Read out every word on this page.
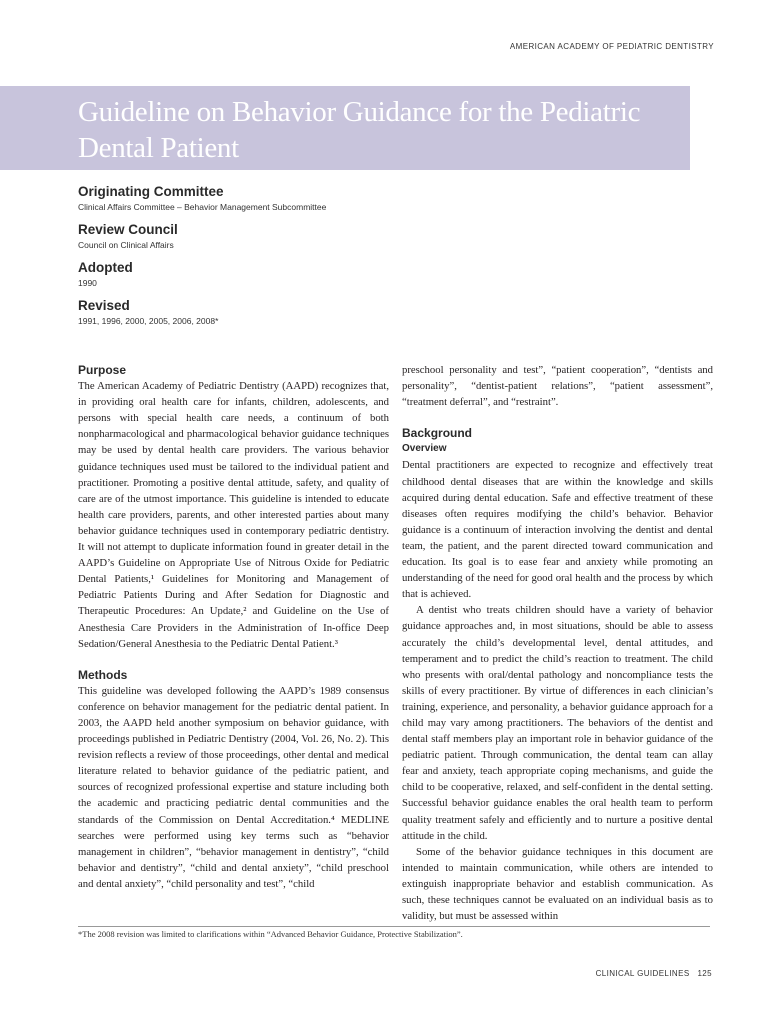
AMERICAN ACADEMY OF PEDIATRIC DENTISTRY
Guideline on Behavior Guidance for the Pediatric Dental Patient

Originating Committee

Clinical Affairs Committee – Behavior Management Subcommittee

Review Council

Council on Clinical Affairs

Adopted

1990

Revised

1991, 1996, 2000, 2005, 2006, 2008*

Purpose

The American Academy of Pediatric Dentistry (AAPD) recognizes that, in providing oral health care for infants, children, adolescents, and persons with special health care needs, a continuum of both nonpharmacological and pharmacological behavior guidance techniques may be used by dental health care providers. The various behavior guidance techniques used must be tailored to the individual patient and practitioner. Promoting a positive dental attitude, safety, and quality of care are of the utmost importance. This guideline is intended to educate health care providers, parents, and other interested parties about many behavior guidance techniques used in contemporary pediatric dentistry. It will not attempt to duplicate information found in greater detail in the AAPD’s Guideline on Appropriate Use of Nitrous Oxide for Pediatric Dental Patients,¹ Guidelines for Monitoring and Management of Pediatric Patients During and After Sedation for Diagnostic and Therapeutic Procedures: An Update,² and Guideline on the Use of Anesthesia Care Providers in the Administration of In-office Deep Sedation/General Anesthesia to the Pediatric Dental Patient.³

Methods

This guideline was developed following the AAPD’s 1989 consensus conference on behavior management for the pediatric dental patient. In 2003, the AAPD held another symposium on behavior guidance, with proceedings published in Pediatric Dentistry (2004, Vol. 26, No. 2). This revision reflects a review of those proceedings, other dental and medical literature related to behavior guidance of the pediatric patient, and sources of recognized professional expertise and stature including both the academic and practicing pediatric dental communities and the standards of the Commission on Dental Accreditation.⁴ MEDLINE searches were performed using key terms such as “behavior management in children”, “behavior management in dentistry”, “child behavior and dentistry”, “child and dental anxiety”, “child preschool and dental anxiety”, “child personality and test”, “child

preschool personality and test”, “patient cooperation”, “dentists and personality”, “dentist-patient relations”, “patient assessment”, “treatment deferral”, and “restraint”.

Background

Overview

Dental practitioners are expected to recognize and effectively treat childhood dental diseases that are within the knowledge and skills acquired during dental education. Safe and effective treatment of these diseases often requires modifying the child’s behavior. Behavior guidance is a continuum of interaction involving the dentist and dental team, the patient, and the parent directed toward communication and education. Its goal is to ease fear and anxiety while promoting an understanding of the need for good oral health and the process by which that is achieved.

A dentist who treats children should have a variety of behavior guidance approaches and, in most situations, should be able to assess accurately the child’s developmental level, dental attitudes, and temperament and to predict the child’s reaction to treatment. The child who presents with oral/dental pathology and noncompliance tests the skills of every practitioner. By virtue of differences in each clinician’s training, experience, and personality, a behavior guidance approach for a child may vary among practitioners. The behaviors of the dentist and dental staff members play an important role in behavior guidance of the pediatric patient. Through communication, the dental team can allay fear and anxiety, teach appropriate coping mechanisms, and guide the child to be cooperative, relaxed, and self-confident in the dental setting. Successful behavior guidance enables the oral health team to perform quality treatment safely and efficiently and to nurture a positive dental attitude in the child.

Some of the behavior guidance techniques in this document are intended to maintain communication, while others are intended to extinguish inappropriate behavior and establish communication. As such, these techniques cannot be evaluated on an individual basis as to validity, but must be assessed within

*The 2008 revision was limited to clarifications within “Advanced Behavior Guidance, Protective Stabilization”.
CLINICAL GUIDELINES 125
